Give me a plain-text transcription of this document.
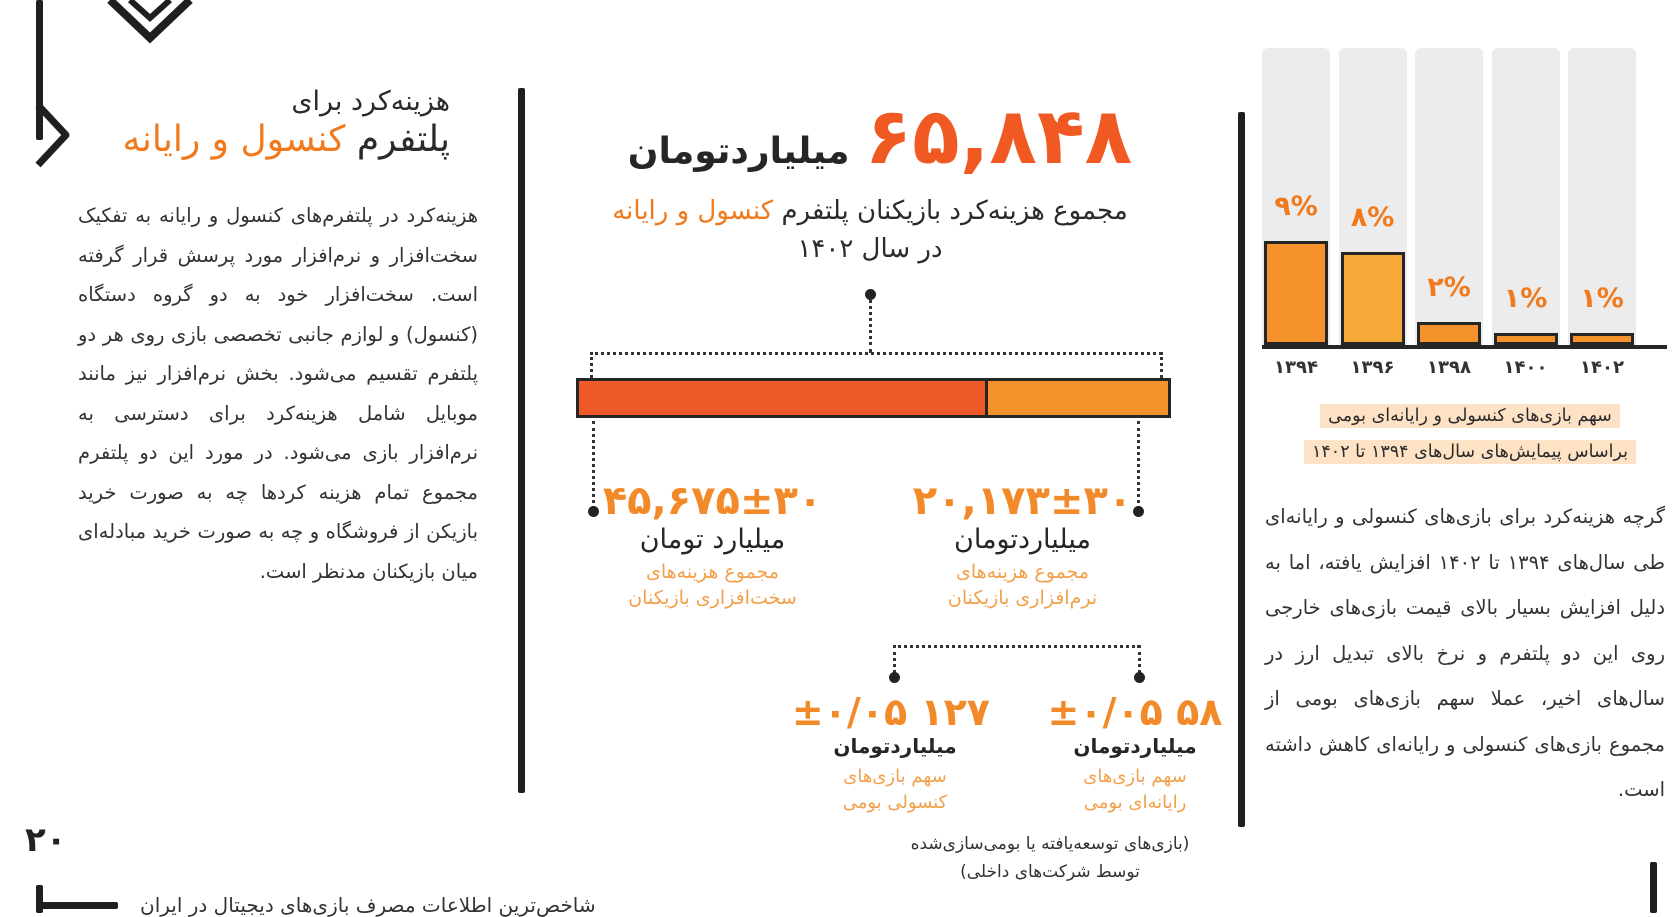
هزینه‌کرد برای
پلتفرم کنسول و رایانه
هزینه‌کرد در پلتفرم‌های کنسول و رایانه به تفکیک سخت‌افزار و نرم‌افزار مورد پرسش قرار گرفته است. سخت‌افزار خود به دو گروه دستگاه (کنسول) و لوازم جانبی تخصصی بازی روی هر دو پلتفرم تقسیم می‌شود. بخش نرم‌افزار نیز مانند موبایل شامل هزینه‌کرد برای دسترسی به نرم‌افزار بازی می‌شود. در مورد این دو پلتفرم مجموع تمام هزینه کردها چه به صورت خرید بازیکن از فروشگاه و چه به صورت خرید مبادله‌ای میان بازیکنان مدنظر است.
۶۵,۸۴۸ میلیاردتومان
مجموع هزینه‌کرد بازیکنان پلتفرم کنسول و رایانه
در سال ۱۴۰۲
۴۵,۶۷۵±۳۰
میلیارد تومان
مجموع هزینه‌های
سخت‌افزاری بازیکنان
۲۰,۱۷۳±۳۰
میلیاردتومان
مجموع هزینه‌های
نرم‌افزاری بازیکنان
۱۲۷ ±۰/۰۵
میلیاردتومان
سهم بازی‌های
کنسولی بومی
۵۸ ±۰/۰۵
میلیاردتومان
سهم بازی‌های
رایانه‌ای بومی
(بازی‌های توسعه‌یافته یا بومی‌سازی‌شده
توسط شرکت‌های داخلی)
۹%
۱۳۹۴
۸%
۱۳۹۶
۲%
۱۳۹۸
۱%
۱۴۰۰
۱%
۱۴۰۲
سهم بازی‌های کنسولی و رایانه‌ای بومی
براساس پیمایش‌های سال‌های ۱۳۹۴ تا ۱۴۰۲
گرچه هزینه‌کرد برای بازی‌های کنسولی و رایانه‌ای طی سال‌های ۱۳۹۴ تا ۱۴۰۲ افزایش یافته، اما به دلیل افزایش بسیار بالای قیمت بازی‌های خارجی روی این دو پلتفرم و نرخ بالای تبدیل ارز در سال‌های اخیر، عملا سهم بازی‌های بومی از مجموع بازی‌های کنسولی و رایانه‌ای کاهش داشته است.
۲۰
شاخص‌ترین اطلاعات مصرف بازی‌های دیجیتال در ایران
